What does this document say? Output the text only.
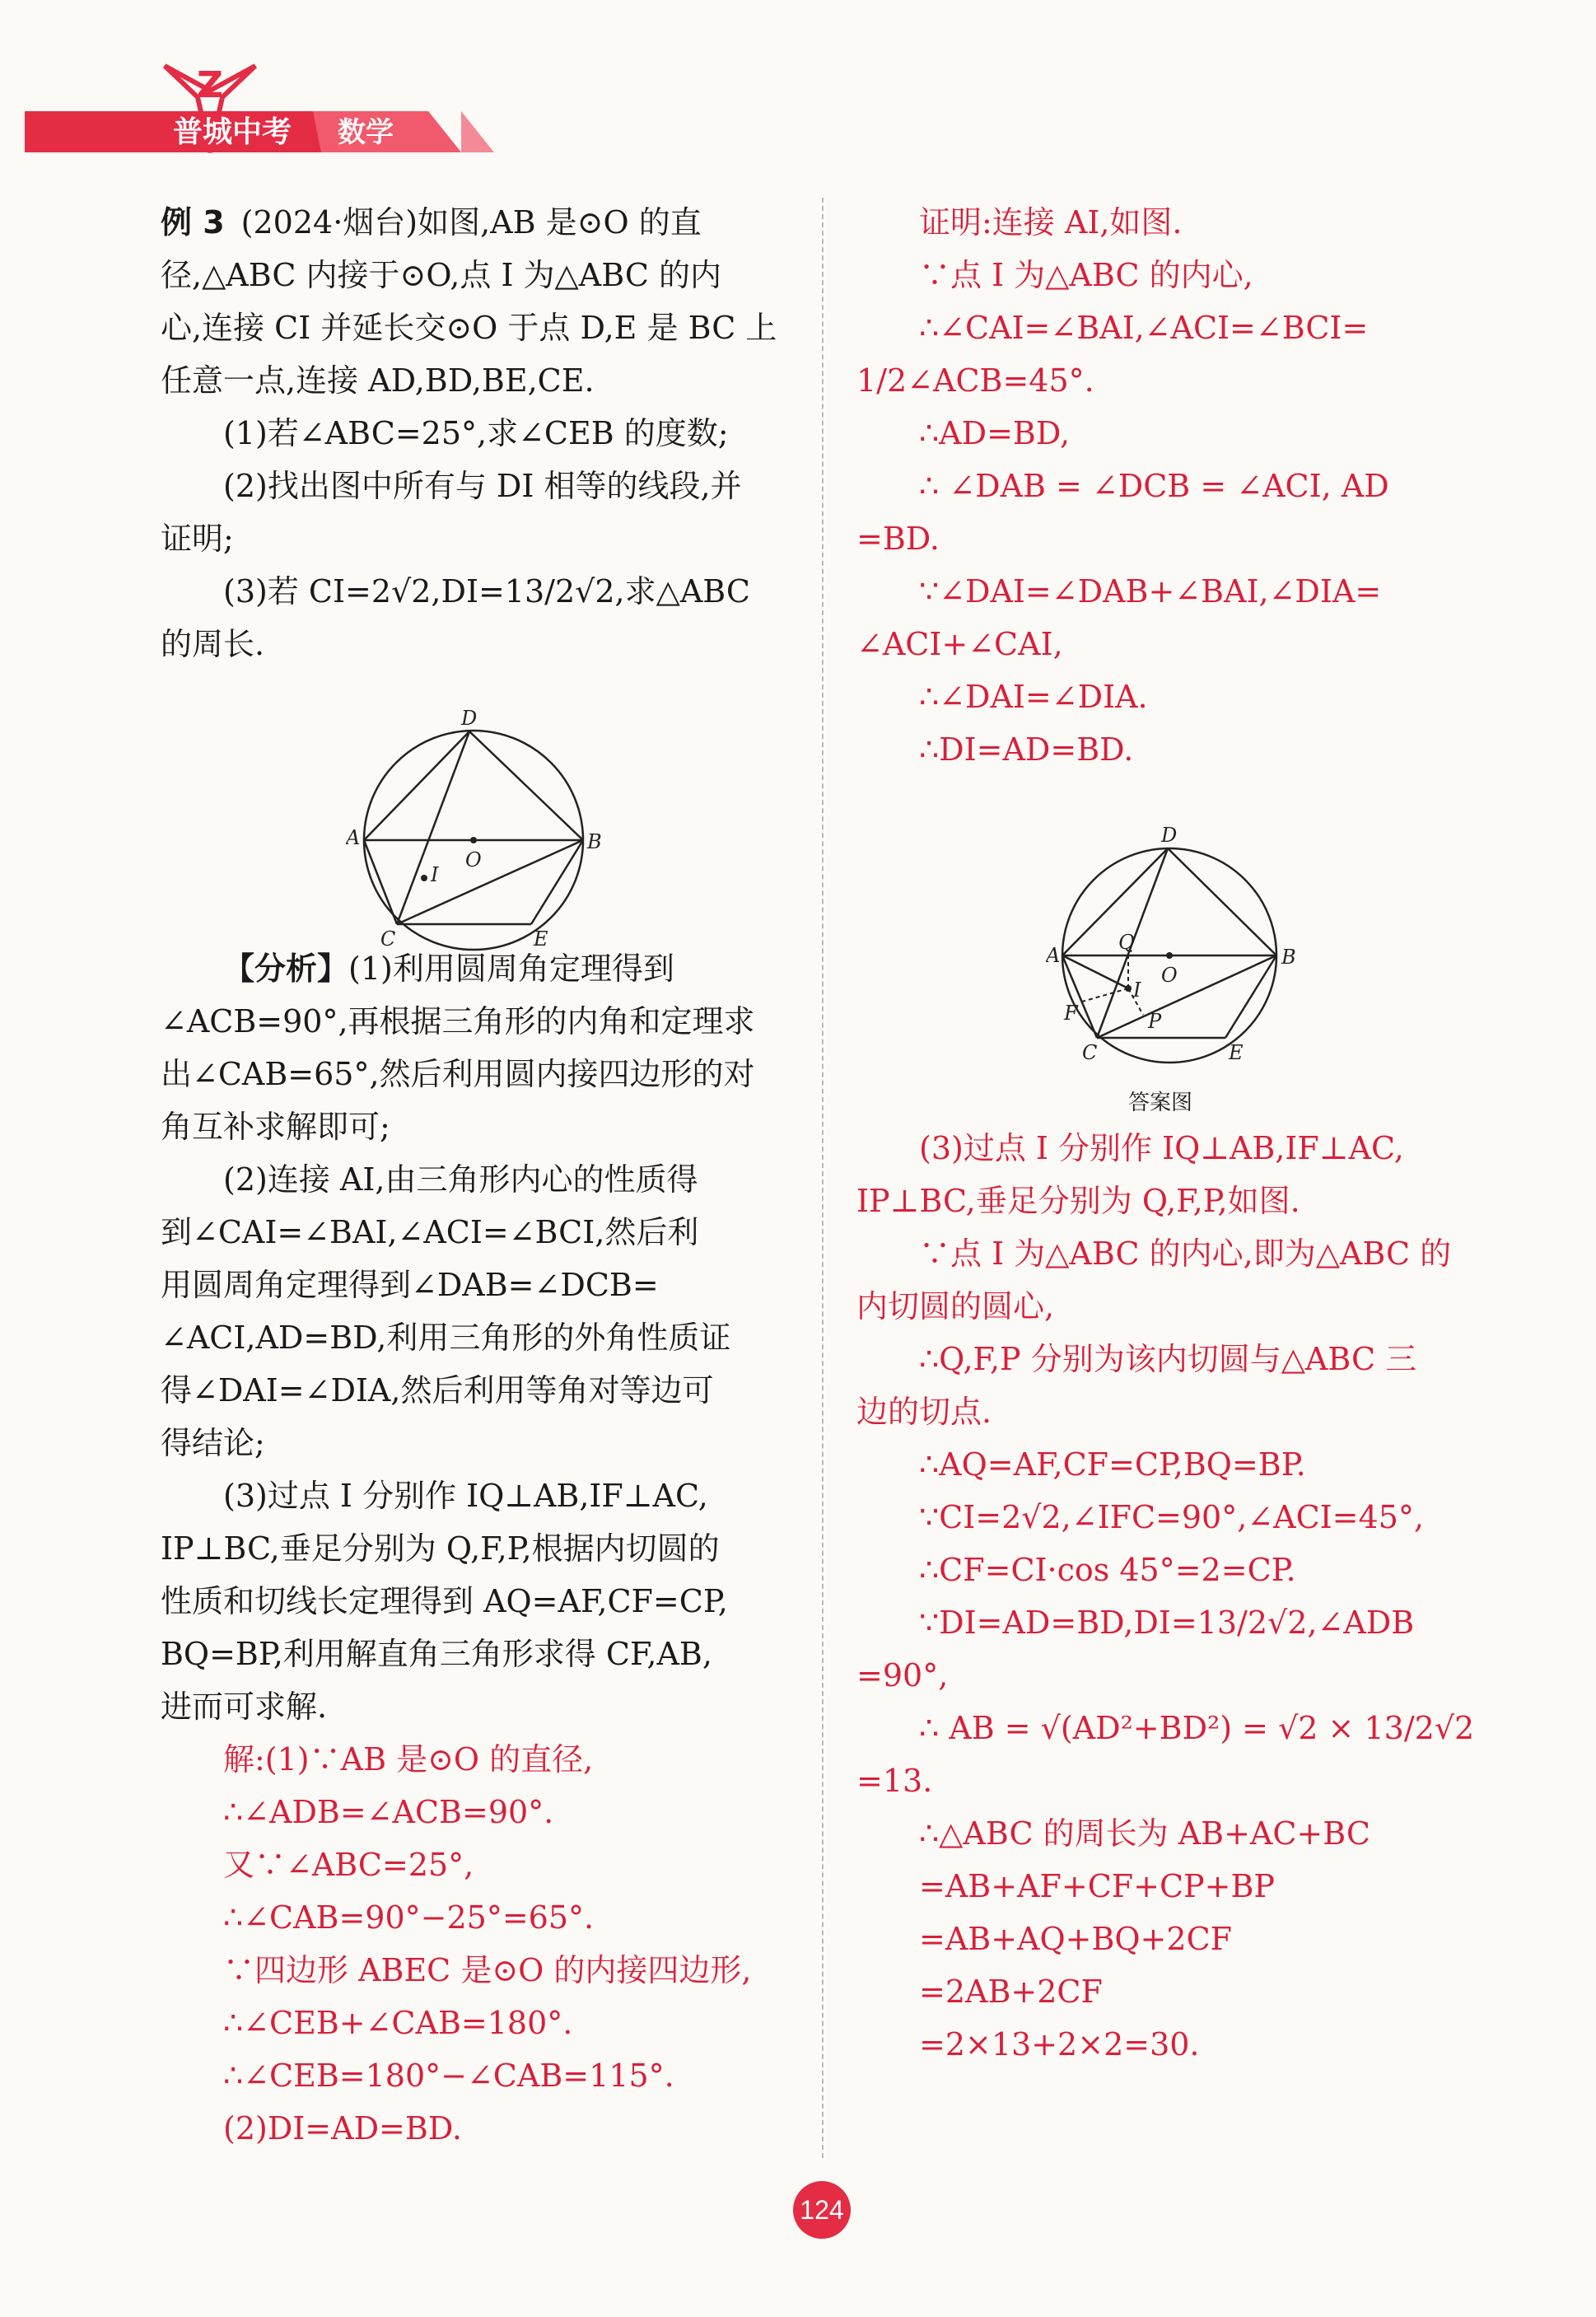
Z
普城中考 数学

例 3 (2024·烟台)如图,AB 是⊙O 的直

径,△ABC 内接于⊙O,点 I 为△ABC 的内

心,连接 CI 并延长交⊙O 于点 D,E 是 BC 上

任意一点,连接 AD,BD,BE,CE.

(1)若∠ABC=25°,求∠CEB 的度数;

(2)找出图中所有与 DI 相等的线段,并

证明;

(3)若 CI=2√2,DI=13/2√2,求△ABC

的周长.

【分析】(1)利用圆周角定理得到

∠ACB=90°,再根据三角形的内角和定理求

出∠CAB=65°,然后利用圆内接四边形的对

角互补求解即可;

(2)连接 AI,由三角形内心的性质得

到∠CAI=∠BAI,∠ACI=∠BCI,然后利

用圆周角定理得到∠DAB=∠DCB=

∠ACI,AD=BD,利用三角形的外角性质证

得∠DAI=∠DIA,然后利用等角对等边可

得结论;

(3)过点 I 分别作 IQ⊥AB,IF⊥AC,

IP⊥BC,垂足分别为 Q,F,P,根据内切圆的

性质和切线长定理得到 AQ=AF,CF=CP,

BQ=BP,利用解直角三角形求得 CF,AB,

进而可求解.

解:(1)∵AB 是⊙O 的直径,

∴∠ADB=∠ACB=90°.

又∵∠ABC=25°,

∴∠CAB=90°−25°=65°.

∵四边形 ABEC 是⊙O 的内接四边形,

∴∠CEB+∠CAB=180°.

∴∠CEB=180°−∠CAB=115°.

(2)DI=AD=BD.

D
A	B
O
I
C	E

证明:连接 AI,如图.

∵点 I 为△ABC 的内心,

∴∠CAI=∠BAI,∠ACI=∠BCI=

1/2∠ACB=45°.

∴AD=BD,

∴ ∠DAB = ∠DCB = ∠ACI, AD

=BD.

∵∠DAI=∠DAB+∠BAI,∠DIA=

∠ACI+∠CAI,

∴∠DAI=∠DIA.

∴DI=AD=BD.

(3)过点 I 分别作 IQ⊥AB,IF⊥AC,

IP⊥BC,垂足分别为 Q,F,P,如图.

∵点 I 为△ABC 的内心,即为△ABC 的

内切圆的圆心,

∴Q,F,P 分别为该内切圆与△ABC 三

边的切点.

∴AQ=AF,CF=CP,BQ=BP.

∵CI=2√2,∠IFC=90°,∠ACI=45°,

∴CF=CI·cos 45°=2=CP.

∵DI=AD=BD,DI=13/2√2,∠ADB

=90°,

∴ AB = √(AD²+BD²) = √2 × 13/2√2

=13.

∴△ABC 的周长为 AB+AC+BC

=AB+AF+CF+CP+BP

=AB+AQ+BQ+2CF

=2AB+2CF

=2×13+2×2=30.

D
A	B
O
I
C	E
Q
F	P
答案图
124
